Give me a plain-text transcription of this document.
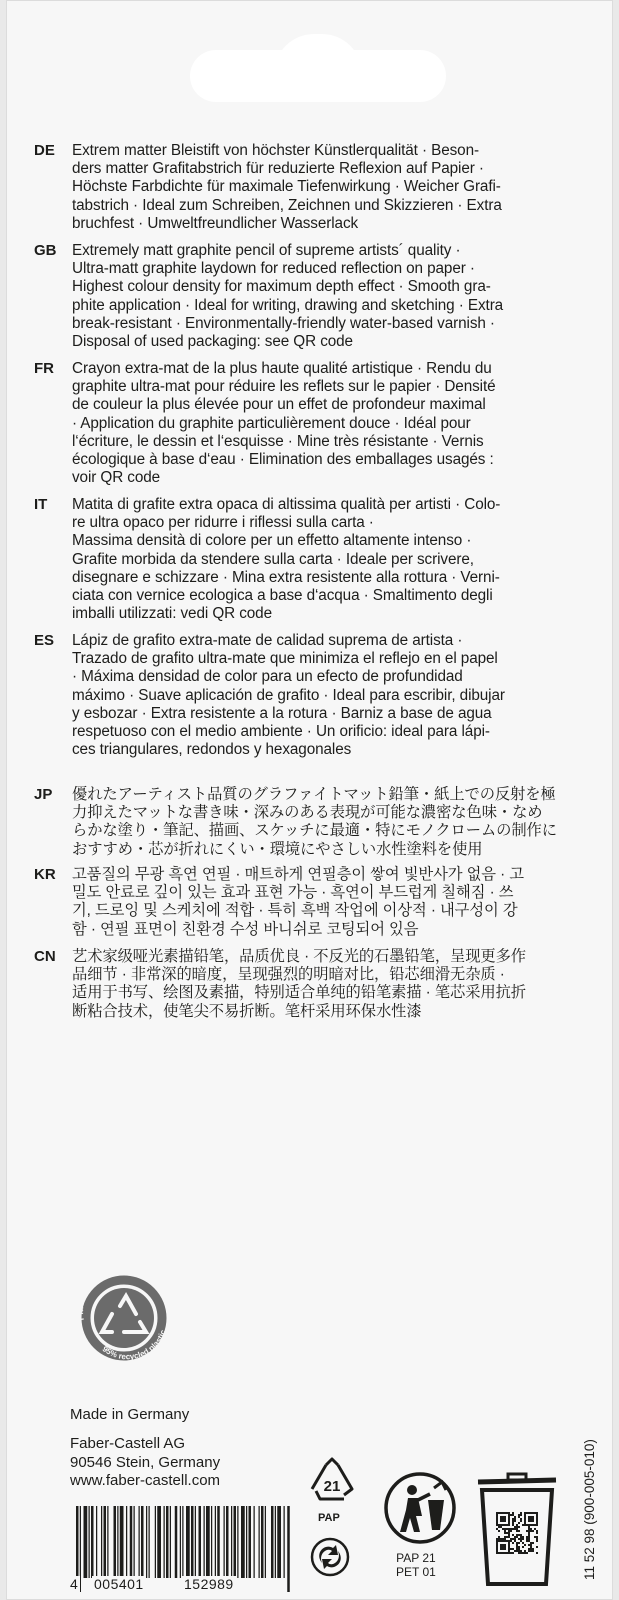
DE	Extrem matter Bleistift von höchster Künstlerqualität · Beson-
ders matter Grafitabstrich für reduzierte Reflexion auf Papier ·
Höchste Farbdichte für maximale Tiefenwirkung · Weicher Grafi-
tabstrich · Ideal zum Schreiben, Zeichnen und Skizzieren · Extra
bruchfest · Umweltfreundlicher Wasserlack
GB	Extremely matt graphite pencil of supreme artists´ quality ·
Ultra-matt graphite laydown for reduced reflection on paper ·
Highest colour density for maximum depth effect · Smooth gra-
phite application · Ideal for writing, drawing and sketching · Extra
break-resistant · Environmentally-friendly water-based varnish ·
Disposal of used packaging: see QR code
FR	Crayon extra-mat de la plus haute qualité artistique · Rendu du
graphite ultra-mat pour réduire les reflets sur le papier · Densité
de couleur la plus élevée pour un effet de profondeur maximal
· Application du graphite particulièrement douce · Idéal pour
l‘écriture, le dessin et l‘esquisse · Mine très résistante · Vernis
écologique à base d‘eau · Elimination des emballages usagés :
voir QR code
IT	Matita di grafite extra opaca di altissima qualità per artisti · Colo-
re ultra opaco per ridurre i riflessi sulla carta ·
Massima densità di colore per un effetto altamente intenso ·
Grafite morbida da stendere sulla carta · Ideale per scrivere,
disegnare e schizzare · Mina extra resistente alla rottura · Verni-
ciata con vernice ecologica a base d‘acqua · Smaltimento degli
imballi utilizzati: vedi QR code
ES	Lápiz de grafito extra-mate de calidad suprema de artista ·
Trazado de grafito ultra-mate que minimiza el reflejo en el papel
· Máxima densidad de color para un efecto de profundidad
máximo · Suave aplicación de grafito · Ideal para escribir, dibujar
y esbozar · Extra resistente a la rotura · Barniz a base de agua
respetuoso con el medio ambiente · Un orificio: ideal para lápi-
ces triangulares, redondos y hexagonales
JP	優れたアーティスト品質のグラファイトマット鉛筆・紙上での反射を極
力抑えたマットな書き味・深みのある表現が可能な濃密な色味・なめ
らかな塗り・筆記、描画、スケッチに最適・特にモノクロームの制作に
おすすめ・芯が折れにくい・環境にやさしい水性塗料を使用
KR	고품질의 무광 흑연 연필 · 매트하게 연필층이 쌓여 빛반사가 없음 · 고
밀도 안료로 깊이 있는 효과 표현 가능 · 흑연이 부드럽게 칠해짐 · 쓰
기, 드로잉 및 스케치에 적합 · 특히 흑백 작업에 이상적 · 내구성이 강
함 · 연필 표면이 친환경 수성 바니쉬로 코팅되어 있음
CN	艺术家级哑光素描铅笔，品质优良 · 不反光的石墨铅笔，呈现更多作
品细节 · 非常深的暗度，呈现强烈的明暗对比，铅芯细滑无杂质 ·
适用于书写、绘图及素描，特别适合单纯的铅笔素描 · 笔芯采用抗折
断粘合技术，使笔尖不易折断。笔杆采用环保水性漆
Plastic packaging
95% recycled plastic
Made in Germany
Faber-Castell AG
90546 Stein, Germany
www.faber-castell.com
4 005401	152989
21
PAP
PAP 21
PET 01	11 52 98 (900-005-010)
